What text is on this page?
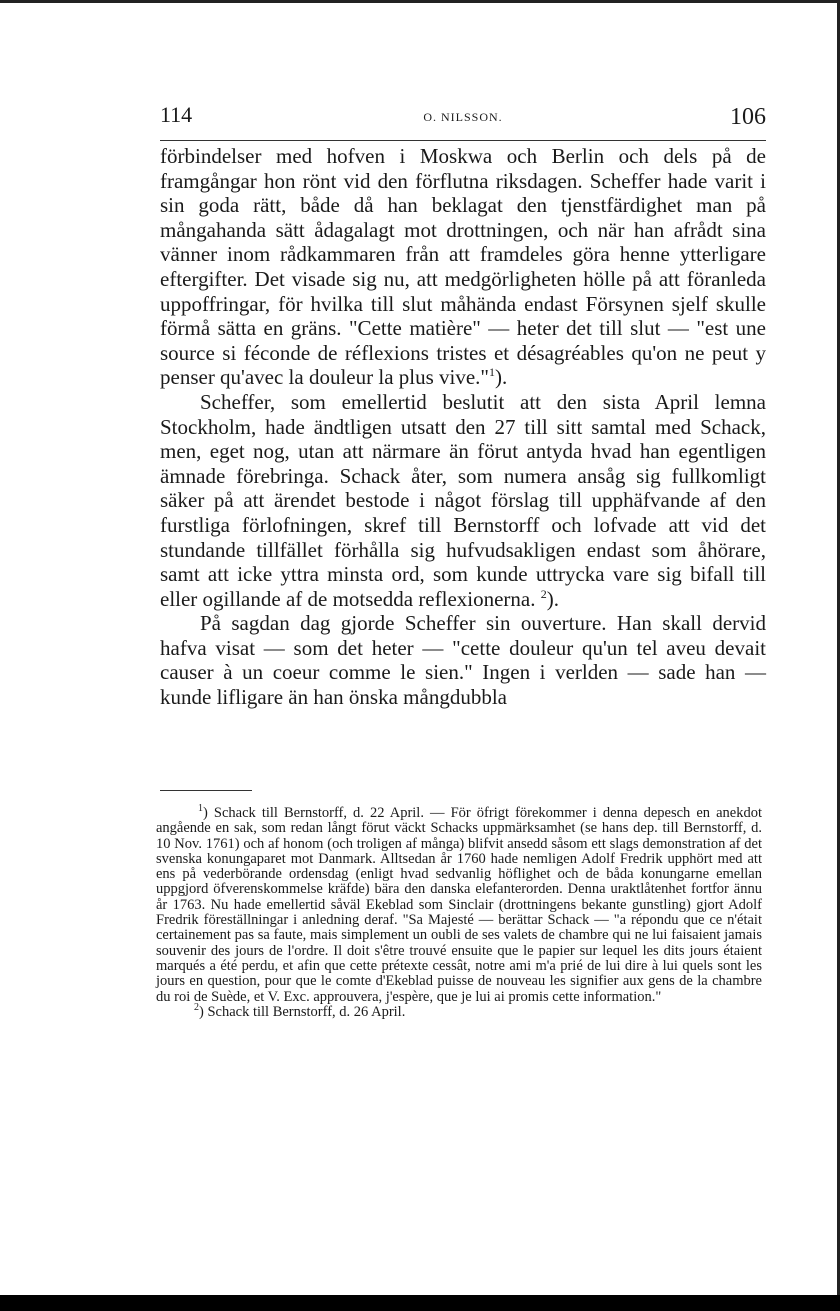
114	O. NILSSON.	106

förbindelser med hofven i Moskwa och Berlin och dels på de framgångar hon rönt vid den förflutna riksdagen. Scheffer hade varit i sin goda rätt, både då han beklagat den tjenstfärdighet man på mångahanda sätt ådagalagt mot drottningen, och när han afrådt sina vänner inom rådkammaren från att framdeles göra henne ytterligare eftergifter. Det visade sig nu, att medgörligheten hölle på att föranleda uppoffringar, för hvilka till slut måhända endast Försynen sjelf skulle förmå sätta en gräns. "Cette matière" — heter det till slut — "est une source si féconde de réflexions tristes et désagréables qu'on ne peut y penser qu'avec la douleur la plus vive."$^1$).

Scheffer, som emellertid beslutit att den sista April lemna Stockholm, hade ändtligen utsatt den 27 till sitt samtal med Schack, men, eget nog, utan att närmare än förut antyda hvad han egentligen ämnade förebringa. Schack åter, som numera ansåg sig fullkomligt säker på att ärendet bestode i något förslag till upphäfvande af den furstliga förlofningen, skref till Bernstorff och lofvade att vid det stundande tillfället förhålla sig hufvudsakligen endast som åhörare, samt att icke yttra minsta ord, som kunde uttrycka vare sig bifall till eller ogillande af de motsedda reflexionerna. $^2$).

På sagdan dag gjorde Scheffer sin ouverture. Han skall dervid hafva visat — som det heter — "cette douleur qu'un tel aveu devait causer à un coeur comme le sien." Ingen i verlden — sade han — kunde lifligare än han önska mångdubbla

$^1$) Schack till Bernstorff, d. 22 April. — För öfrigt förekommer i denna depesch en anekdot angående en sak, som redan långt förut väckt Schacks uppmärksamhet (se hans dep. till Bernstorff, d. 10 Nov. 1761) och af honom (och troligen af många) blifvit ansedd såsom ett slags demonstration af det svenska konungaparet mot Danmark. Alltsedan år 1760 hade nemligen Adolf Fredrik upphört med att ens på vederbörande ordensdag (enligt hvad sedvanlig höflighet och de båda konungarne emellan uppgjord öfverenskommelse kräfde) bära den danska elefanterorden. Denna uraktlåtenhet fortfor ännu år 1763. Nu hade emellertid såväl Ekeblad som Sinclair (drottningens bekante gunstling) gjort Adolf Fredrik föreställningar i anledning deraf. "Sa Majesté — berättar Schack — "a répondu que ce n'était certainement pas sa faute, mais simplement un oubli de ses valets de chambre qui ne lui faisaient jamais souvenir des jours de l'ordre. Il doit s'être trouvé ensuite que le papier sur lequel les dits jours étaient marqués a été perdu, et afin que cette prétexte cessât, notre ami m'a prié de lui dire à lui quels sont les jours en question, pour que le comte d'Ekeblad puisse de nouveau les signifier aux gens de la chambre du roi de Suède, et V. Exc. approuvera, j'espère, que je lui ai promis cette information."

$^2$) Schack till Bernstorff, d. 26 April.
